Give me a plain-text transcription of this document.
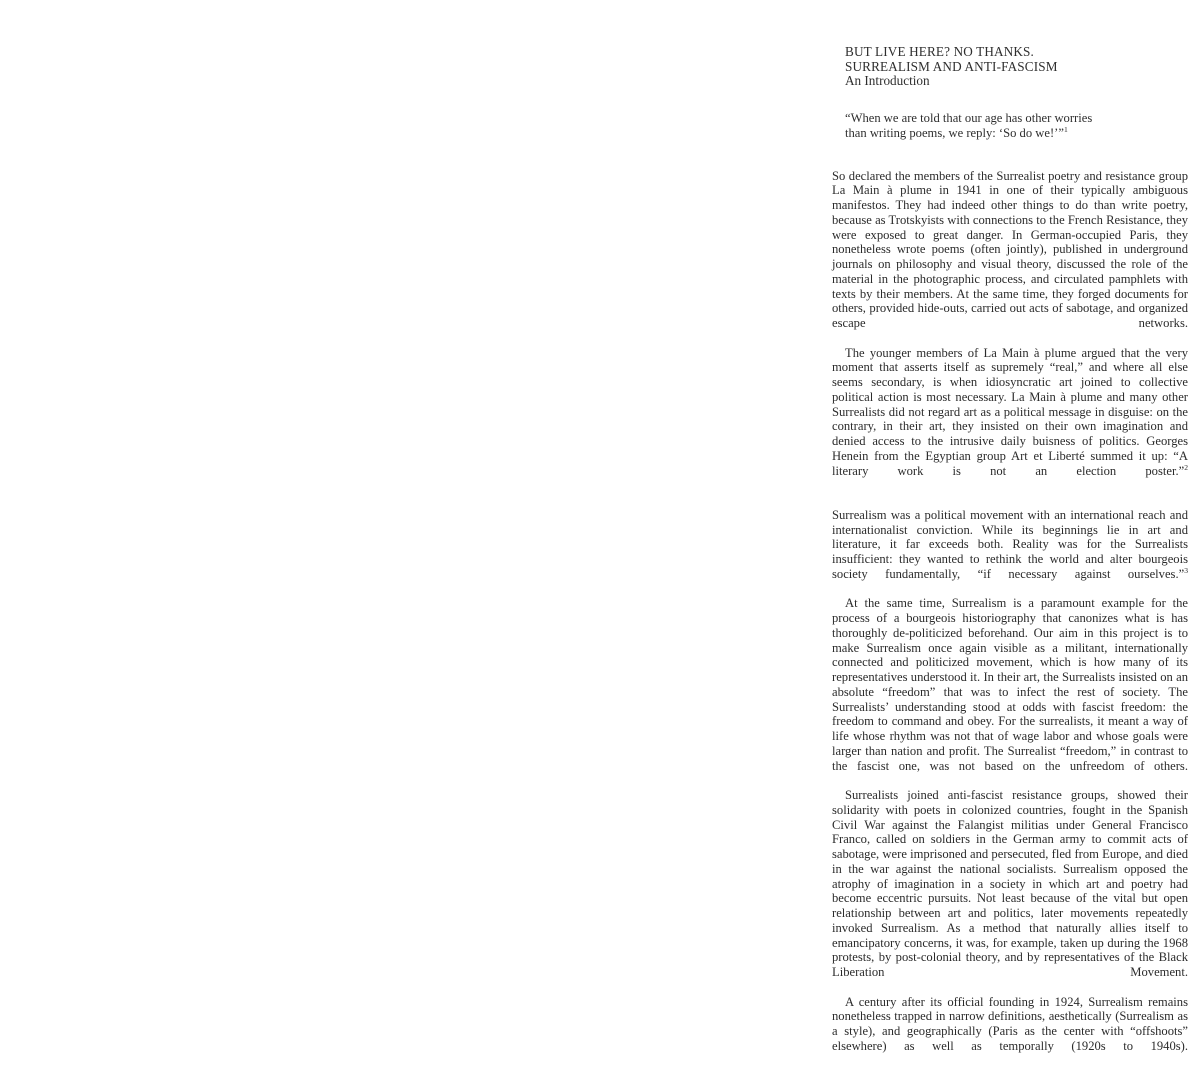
BUT LIVE HERE? NO THANKS.
SURREALISM AND ANTI-FASCISM
An Introduction

“When we are told that our age has other worries

than writing poems, we reply: ‘So do we!’”$^1$

So declared the members of the Surrealist poetry and resistance group La Main à plume in 1941 in one of their typically ambiguous manifestos. They had indeed other things to do than write poetry, because as Trotskyists with connections to the French Resistance, they were exposed to great danger. In German-occupied Paris, they nonetheless wrote poems (often jointly), published in underground journals on philosophy and visual theory, discussed the role of the material in the photographic process, and circulated pamphlets with texts by their members. At the same time, they forged documents for others, provided hide-outs, carried out acts of sabotage, and organized escape networks.

The younger members of La Main à plume argued that the very moment that asserts itself as supremely “real,” and where all else seems secondary, is when idiosyncratic art joined to collective political action is most necessary. La Main à plume and many other Surrealists did not regard art as a political message in disguise: on the contrary, in their art, they insisted on their own imagination and denied access to the intrusive daily buisness of politics. Georges Henein from the Egyptian group Art et Liberté summed it up: “A literary work is not an election poster.”$^2$

Surrealism was a political movement with an international reach and internationalist conviction. While its beginnings lie in art and literature, it far exceeds both. Reality was for the Surrealists insufficient: they wanted to rethink the world and alter bourgeois society fundamentally, “if necessary against ourselves.”$^3$

At the same time, Surrealism is a paramount example for the process of a bourgeois historiography that canonizes what is has thoroughly de-politicized beforehand. Our aim in this project is to make Surrealism once again visible as a militant, internationally connected and politicized movement, which is how many of its representatives understood it. In their art, the Surrealists insisted on an absolute “freedom” that was to infect the rest of society. The Surrealists’ understanding stood at odds with fascist freedom: the freedom to command and obey. For the surrealists, it meant a way of life whose rhythm was not that of wage labor and whose goals were larger than nation and profit. The Surrealist “freedom,” in contrast to the fascist one, was not based on the unfreedom of others.

Surrealists joined anti-fascist resistance groups, showed their solidarity with poets in colonized countries, fought in the Spanish Civil War against the Falangist militias under General Francisco Franco, called on soldiers in the German army to commit acts of sabotage, were imprisoned and persecuted, fled from Europe, and died in the war against the national socialists. Surrealism opposed the atrophy of imagination in a society in which art and poetry had become eccentric pursuits. Not least because of the vital but open relationship between art and politics, later movements repeatedly invoked Surrealism. As a method that naturally allies itself to emancipatory concerns, it was, for example, taken up during the 1968 protests, by post-colonial theory, and by representatives of the Black Liberation Movement.

A century after its official founding in 1924, Surrealism remains nonetheless trapped in narrow definitions, aesthetically (Surrealism as a style), and geographically (Paris as the center with “offshoots” elsewhere) as well as temporally (1920s to 1940s).
